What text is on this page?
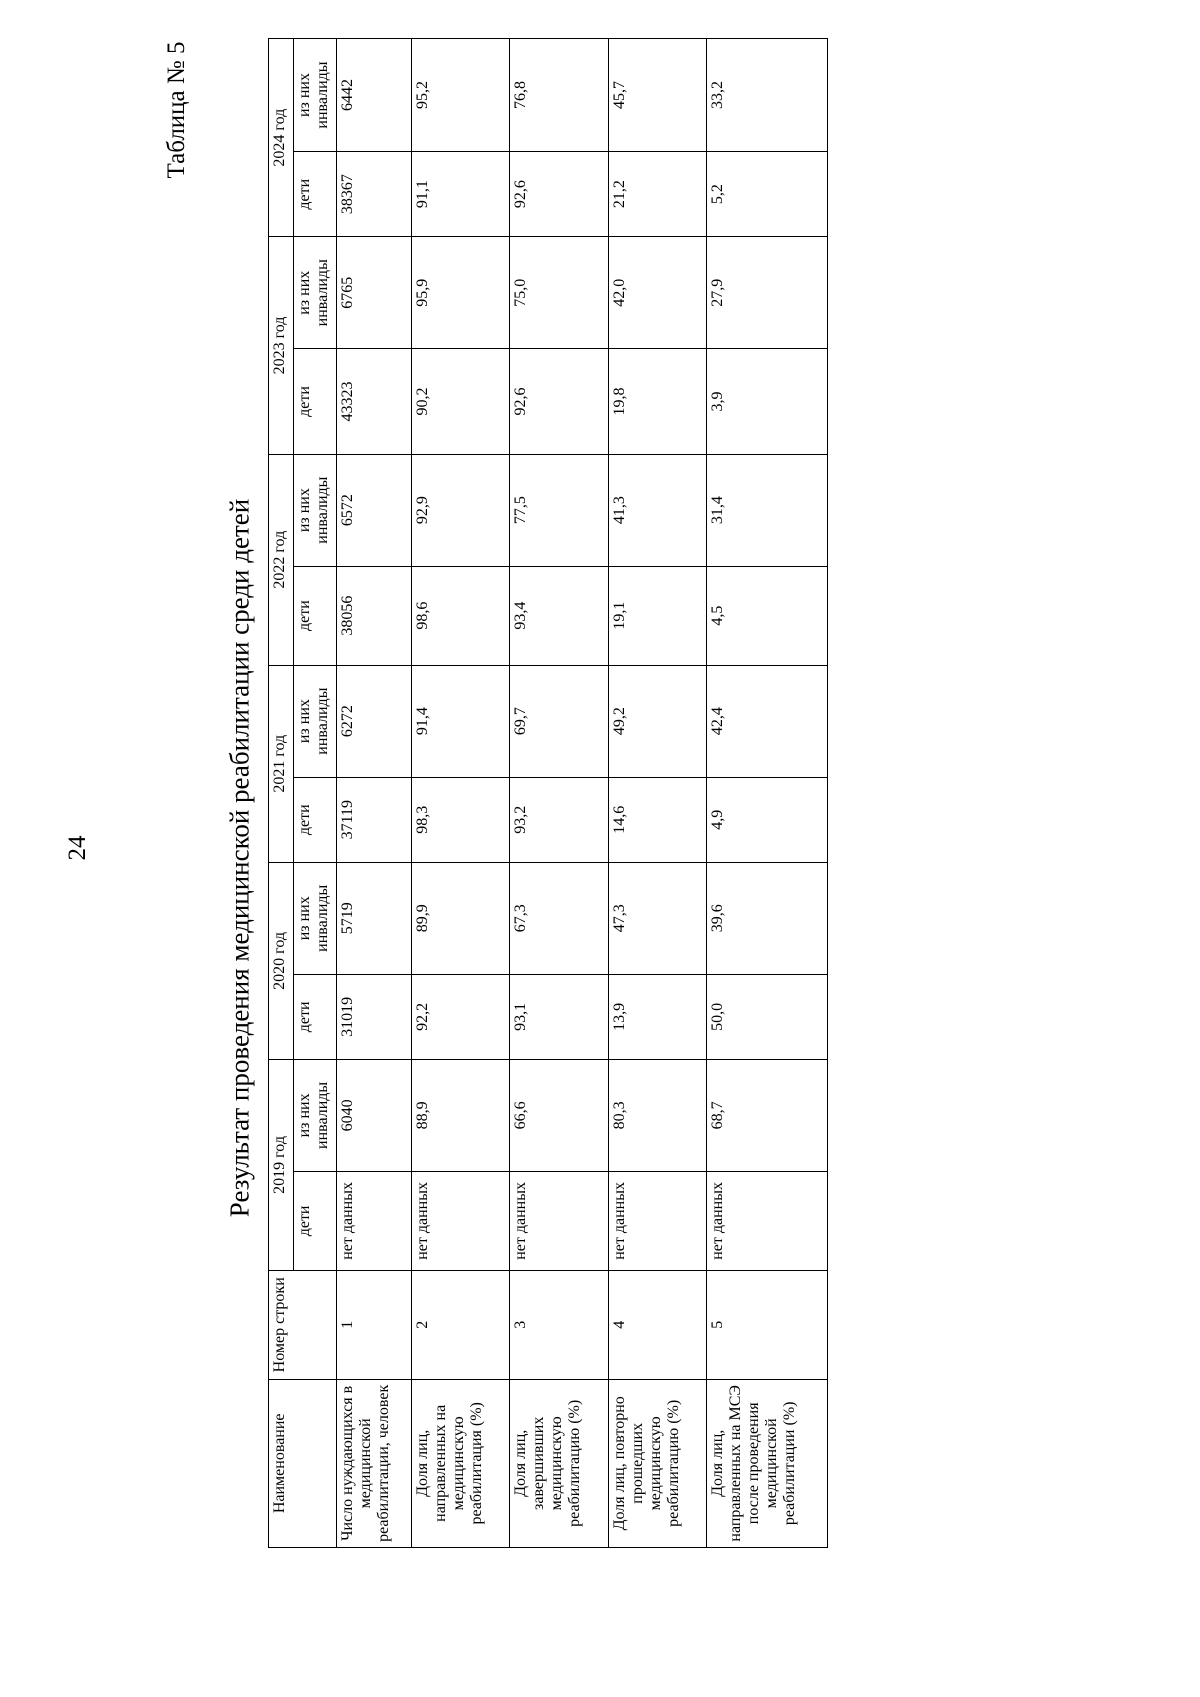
24
Таблица № 5
Результат проведения медицинской реабилитации среди детей
Наименование	Номер строки	2019 год		2020 год		2021 год		2022 год		2023 год		2024 год	
		дети	из них инвалиды	дети	из них инвалиды	дети	из них инвалиды	дети	из них инвалиды	дети	из них инвалиды	дети	из них инвалиды
Число нуждающихся в медицинской реабилитации, человек	1	нет данных	6040	31019	5719	37119	6272	38056	6572	43323	6765	38367	6442
Доля лиц, направленных на медицинскую реабилитация (%)	2	нет данных	88,9	92,2	89,9	98,3	91,4	98,6	92,9	90,2	95,9	91,1	95,2
Доля лиц, завершивших медицинскую реабилитацию (%)	3	нет данных	66,6	93,1	67,3	93,2	69,7	93,4	77,5	92,6	75,0	92,6	76,8
Доля лиц, повторно прошедших медицинскую реабилитацию (%)	4	нет данных	80,3	13,9	47,3	14,6	49,2	19,1	41,3	19,8	42,0	21,2	45,7
Доля лиц, направленных на МСЭ после проведения медицинской реабилитации (%)	5	нет данных	68,7	50,0	39,6	4,9	42,4	4,5	31,4	3,9	27,9	5,2	33,2
